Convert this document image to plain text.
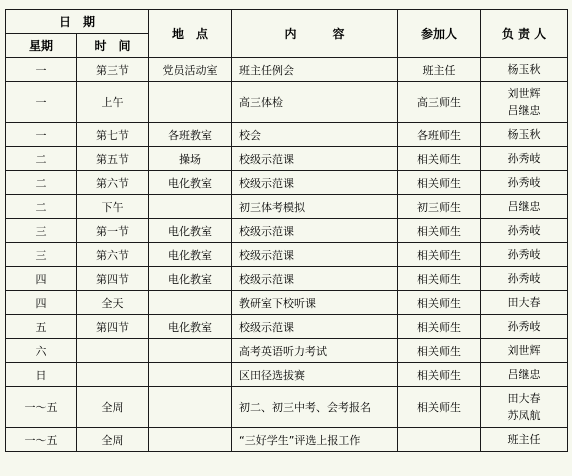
日　期		地　点	内　　　容	参加人	负 责 人
星期	时　间				
一	第三节	党员活动室	班主任例会	班主任	杨玉秋

一	上午		高三体检	高三师生	刘世辉
吕继忠

一	第七节	各班教室	校会	各班师生	杨玉秋

二	第五节	操场	校级示范课	相关师生	孙秀岐

二	第六节	电化教室	校级示范课	相关师生	孙秀岐

二	下午		初三体考模拟	初三师生	吕继忠

三	第一节	电化教室	校级示范课	相关师生	孙秀岐

三	第六节	电化教室	校级示范课	相关师生	孙秀岐

四	第四节	电化教室	校级示范课	相关师生	孙秀岐

四	全天		教研室下校听课	相关师生	田大春

五	第四节	电化教室	校级示范课	相关师生	孙秀岐

六			高考英语听力考试	相关师生	刘世辉

日			区田径选拔赛	相关师生	吕继忠

一～五	全周		初二、初三中考、会考报名	相关师生	田大春
苏凤航

一～五	全周		“三好学生”评选上报工作		班主任
